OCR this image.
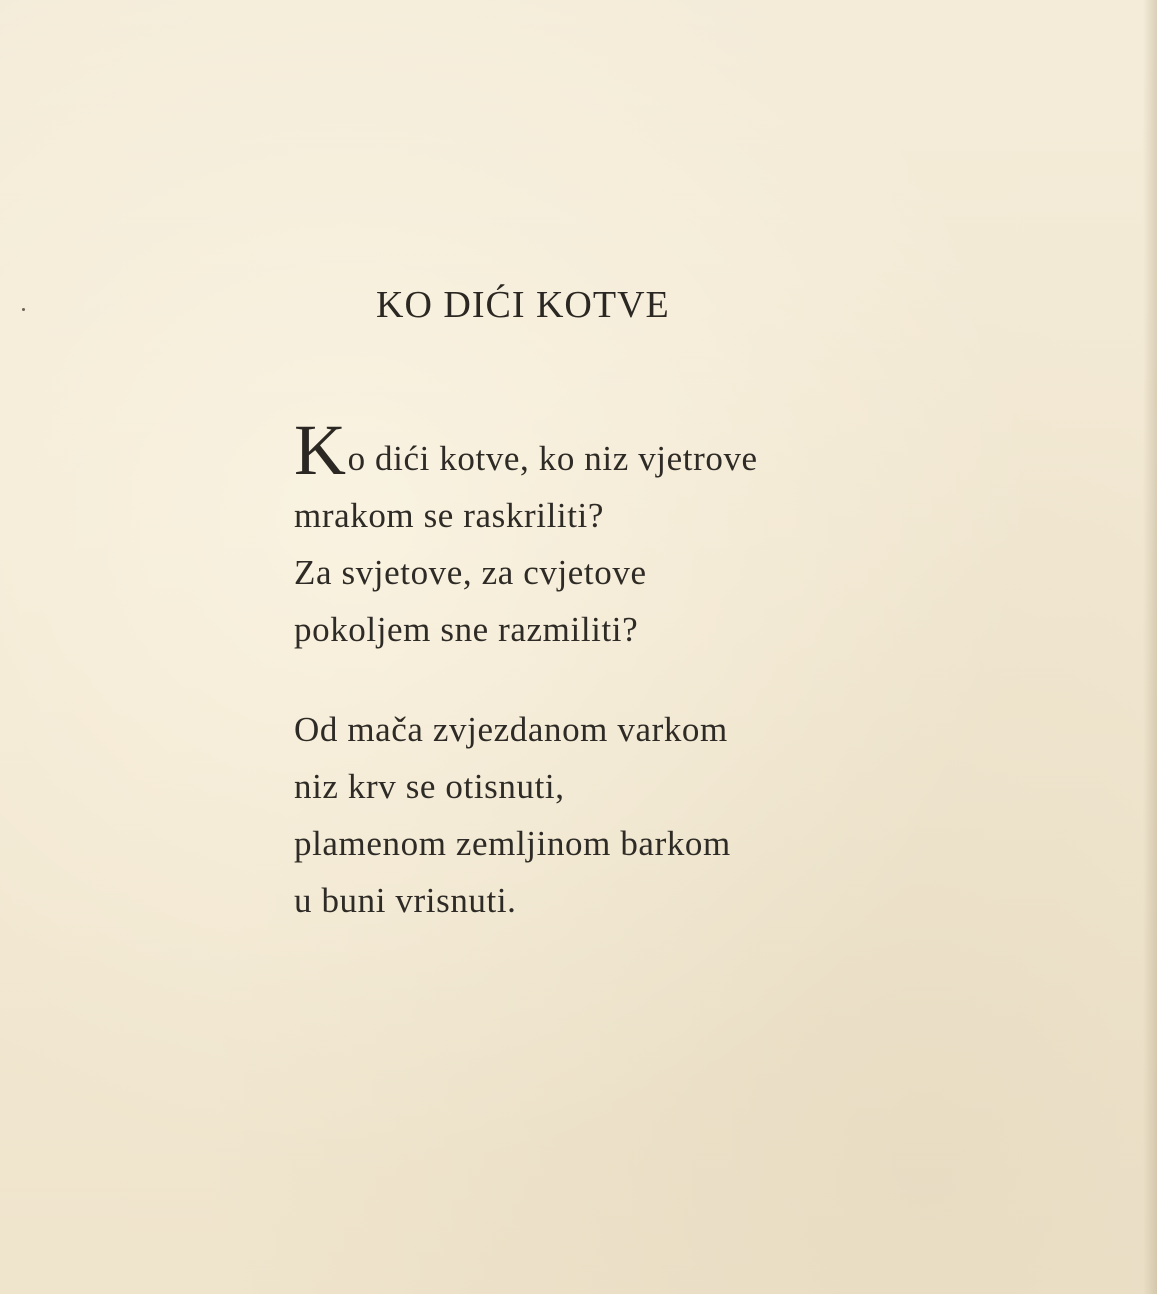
KO DIĆI KOTVE

Ko dići kotve, ko niz vjetrove
mrakom se raskriliti?
Za svjetove, za cvjetove
pokoljem sne razmiliti?

Od mača zvjezdanom varkom
niz krv se otisnuti,
plamenom zemljinom barkom
u buni vrisnuti.
